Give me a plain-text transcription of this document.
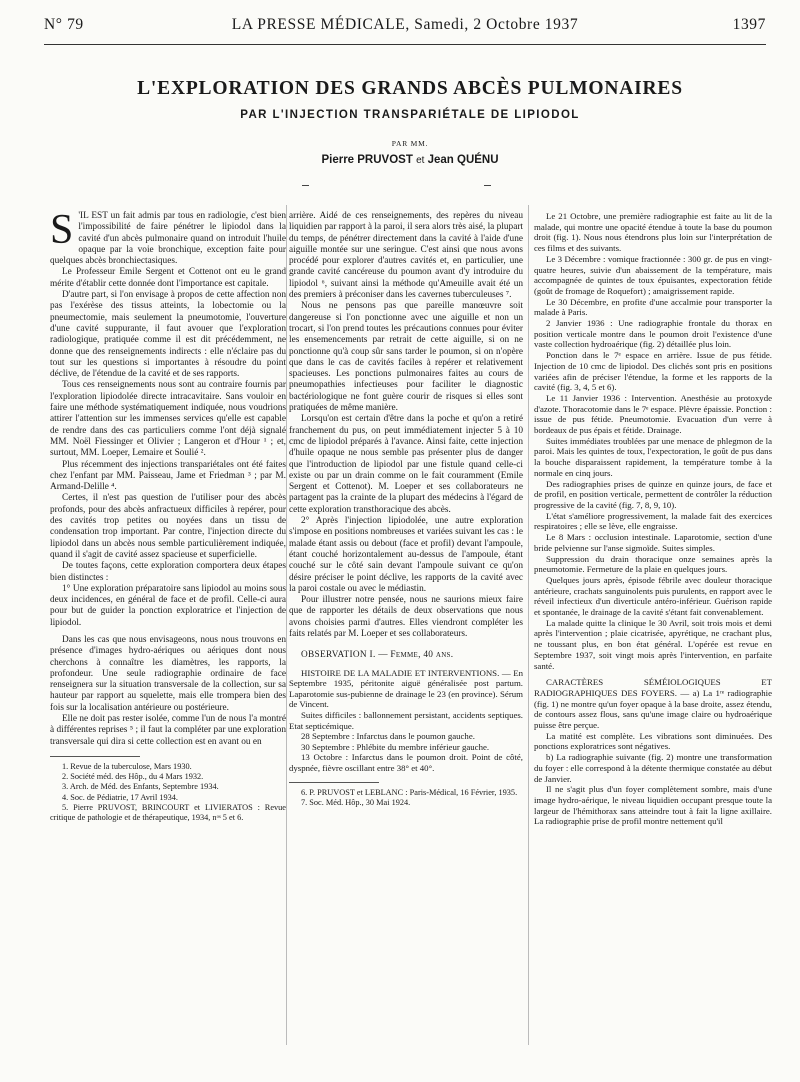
N° 79	LA PRESSE MÉDICALE, Samedi, 2 Octobre 1937	1397
L'EXPLORATION DES GRANDS ABCÈS PULMONAIRES
PAR L'INJECTION TRANSPARIÉTALE DE LIPIODOL
PAR MM.
Pierre PRUVOST et Jean QUÉNU

S 'IL EST un fait admis par tous en radiologie, c'est bien l'impossibilité de faire pénétrer le lipiodol dans la cavité d'un abcès pulmonaire quand on introduit l'huile opaque par la voie bronchique, exception faite pour quelques abcès bronchiectasiques.

Le Professeur Emile Sergent et Cottenot ont eu le grand mérite d'établir cette donnée dont l'importance est capitale.

D'autre part, si l'on envisage à propos de cette affection non pas l'exérèse des tissus atteints, la lobectomie ou la pneumectomie, mais seulement la pneumotomie, l'ouverture d'une cavité suppurante, il faut avouer que l'exploration radiologique, pratiquée comme il est dit précédemment, ne donne que des renseignements indirects : elle n'éclaire pas du tout sur les questions si importantes à résoudre du point déclive, de l'étendue de la cavité et de ses rapports.

Tous ces renseignements nous sont au contraire fournis par l'exploration lipiodolée directe intracavitaire. Sans vouloir en faire une méthode systématiquement indiquée, nous voudrions attirer l'attention sur les immenses services qu'elle est capable de rendre dans des cas particuliers comme l'ont déjà signalé MM. Noël Fiessinger et Olivier ; Langeron et d'Hour ¹ ; et, surtout, MM. Loeper, Lemaire et Soulié ².

Plus récemment des injections transpariétales ont été faites chez l'enfant par MM. Paisseau, Jame et Friedman ³ ; par M. Armand-Delille ⁴.

Certes, il n'est pas question de l'utiliser pour des abcès profonds, pour des abcès anfractueux difficiles à repérer, pour des cavités trop petites ou noyées dans un tissu de condensation trop important. Par contre, l'injection directe du lipiodol dans un abcès nous semble particulièrement indiquée, quand il s'agit de cavité assez spacieuse et superficielle.

De toutes façons, cette exploration comportera deux étapes bien distinctes :

1° Une exploration préparatoire sans lipiodol au moins sous deux incidences, en général de face et de profil. Celle-ci aura pour but de guider la ponction exploratrice et l'injection de lipiodol.

Dans les cas que nous envisageons, nous nous trouvons en présence d'images hydro-aériques ou aériques dont nous cherchons à connaître les diamètres, les rapports, la profondeur. Une seule radiographie ordinaire de face renseignera sur la situation transversale de la collection, sur sa hauteur par rapport au squelette, mais elle trompera bien des fois sur la localisation antérieure ou postérieure.

Elle ne doit pas rester isolée, comme l'un de nous l'a montré à différentes reprises ⁵ ; il faut la compléter par une exploration transversale qui dira si cette collection est en avant ou en

1. Revue de la tuberculose, Mars 1930.

2. Société méd. des Hôp., du 4 Mars 1932.

3. Arch. de Méd. des Enfants, Septembre 1934.

4. Soc. de Pédiatrie, 17 Avril 1934.

5. Pierre PRUVOST, BRINCOURT et LIVIERATOS : Revue critique de pathologie et de thérapeutique, 1934, nᵒˢ 5 et 6.

arrière. Aidé de ces renseignements, des repères du niveau liquidien par rapport à la paroi, il sera alors très aisé, la plupart du temps, de pénétrer directement dans la cavité à l'aide d'une aiguille montée sur une seringue. C'est ainsi que nous avons procédé pour explorer d'autres cavités et, en particulier, une grande cavité cancéreuse du poumon avant d'y introduire du lipiodol ⁶, suivant ainsi la méthode qu'Ameuille avait été un des premiers à préconiser dans les cavernes tuberculeuses ⁷.

Nous ne pensons pas que pareille manœuvre soit dangereuse si l'on ponctionne avec une aiguille et non un trocart, si l'on prend toutes les précautions connues pour éviter les ensemencements par retrait de cette aiguille, si on ne ponctionne qu'à coup sûr sans tarder le poumon, si on n'opère que dans le cas de cavités faciles à repérer et relativement spacieuses. Les ponctions pulmonaires faites au cours de pneumopathies infectieuses pour faciliter le diagnostic bactériologique ne font guère courir de risques si elles sont pratiquées de même manière.

Lorsqu'on est certain d'être dans la poche et qu'on a retiré franchement du pus, on peut immédiatement injecter 5 à 10 cmc de lipiodol préparés à l'avance. Ainsi faite, cette injection d'huile opaque ne nous semble pas présenter plus de danger que l'introduction de lipiodol par une fistule quand celle-ci existe ou par un drain comme on le fait couramment (Emile Sergent et Cottenot). M. Loeper et ses collaborateurs ne partagent pas la crainte de la plupart des médecins à l'égard de cette exploration transthoracique des abcès.

2° Après l'injection lipiodolée, une autre exploration s'impose en positions nombreuses et variées suivant les cas : le malade étant assis ou debout (face et profil) devant l'ampoule, étant couché horizontalement au-dessus de l'ampoule, étant couché sur le côté sain devant l'ampoule suivant ce qu'on désire préciser le point déclive, les rapports de la cavité avec la paroi costale ou avec le médiastin.

Pour illustrer notre pensée, nous ne saurions mieux faire que de rapporter les détails de deux observations que nous avons choisies parmi d'autres. Elles viendront compléter les faits relatés par M. Loeper et ses collaborateurs.

OBSERVATION I. — Femme, 40 ans.

HISTOIRE DE LA MALADIE ET INTERVENTIONS. — En Septembre 1935, péritonite aiguë généralisée post partum. Laparotomie sus-pubienne de drainage le 23 (en province). Sérum de Vincent.

Suites difficiles : ballonnement persistant, accidents septiques. Etat septicémique.

28 Septembre : Infarctus dans le poumon gauche.

30 Septembre : Phlébite du membre inférieur gauche.

13 Octobre : Infarctus dans le poumon droit. Point de côté, dyspnée, fièvre oscillant entre 38° et 40°.

6. P. PRUVOST et LEBLANC : Paris-Médical, 16 Février, 1935.

7. Soc. Méd. Hôp., 30 Mai 1924.

Le 21 Octobre, une première radiographie est faite au lit de la malade, qui montre une opacité étendue à toute la base du poumon droit (fig. 1). Nous nous étendrons plus loin sur l'interprétation de ces films et des suivants.

Le 3 Décembre : vomique fractionnée : 300 gr. de pus en vingt-quatre heures, suivie d'un abaissement de la température, mais accompagnée de quintes de toux épuisantes, expectoration fétide (goût de fromage de Roquefort) ; amaigrissement rapide.

Le 30 Décembre, en profite d'une accalmie pour transporter la malade à Paris.

2 Janvier 1936 : Une radiographie frontale du thorax en position verticale montre dans le poumon droit l'existence d'une vaste collection hydroaérique (fig. 2) détaillée plus loin.

Ponction dans le 7ᵉ espace en arrière. Issue de pus fétide. Injection de 10 cmc de lipiodol. Des clichés sont pris en positions variées afin de préciser l'étendue, la forme et les rapports de la cavité (fig. 3, 4, 5 et 6).

Le 11 Janvier 1936 : Intervention. Anesthésie au protoxyde d'azote. Thoracotomie dans le 7ᵉ espace. Plèvre épaissie. Ponction : issue de pus fétide. Pneumotomie. Evacuation d'un verre à bordeaux de pus épais et fétide. Drainage.

Suites immédiates troublées par une menace de phlegmon de la paroi. Mais les quintes de toux, l'expectoration, le goût de pus dans la bouche disparaissent rapidement, la température tombe à la normale en cinq jours.

Des radiographies prises de quinze en quinze jours, de face et de profil, en position verticale, permettent de contrôler la réduction progressive de la cavité (fig. 7, 8, 9, 10).

L'état s'améliore progressivement, la malade fait des exercices respiratoires ; elle se lève, elle engraisse.

Le 8 Mars : occlusion intestinale. Laparotomie, section d'une bride pelvienne sur l'anse sigmoïde. Suites simples.

Suppression du drain thoracique onze semaines après la pneumotomie. Fermeture de la plaie en quelques jours.

Quelques jours après, épisode fébrile avec douleur thoracique antérieure, crachats sanguinolents puis purulents, en rapport avec le réveil infectieux d'un diverticule antéro-inférieur. Guérison rapide et spontanée, le drainage de la cavité s'étant fait convenablement.

La malade quitte la clinique le 30 Avril, soit trois mois et demi après l'intervention ; plaie cicatrisée, apyrétique, ne crachant plus, ne toussant plus, en bon état général. L'opérée est revue en Septembre 1937, soit vingt mois après l'intervention, en parfaite santé.

CARACTÈRES SÉMÉIOLOGIQUES ET RADIOGRAPHIQUES DES FOYERS. — a) La 1ʳᵉ radiographie (fig. 1) ne montre qu'un foyer opaque à la base droite, assez étendu, de contours assez flous, sans qu'une image claire ou hydroaérique puisse être perçue.

La matité est complète. Les vibrations sont diminuées. Des ponctions exploratrices sont négatives.

b) La radiographie suivante (fig. 2) montre une transformation du foyer : elle correspond à la détente thermique constatée au début de Janvier.

Il ne s'agit plus d'un foyer complètement sombre, mais d'une image hydro-aérique, le niveau liquidien occupant presque toute la largeur de l'hémithorax sans atteindre tout à fait la ligne axillaire. La radiographie prise de profil montre nettement qu'il
